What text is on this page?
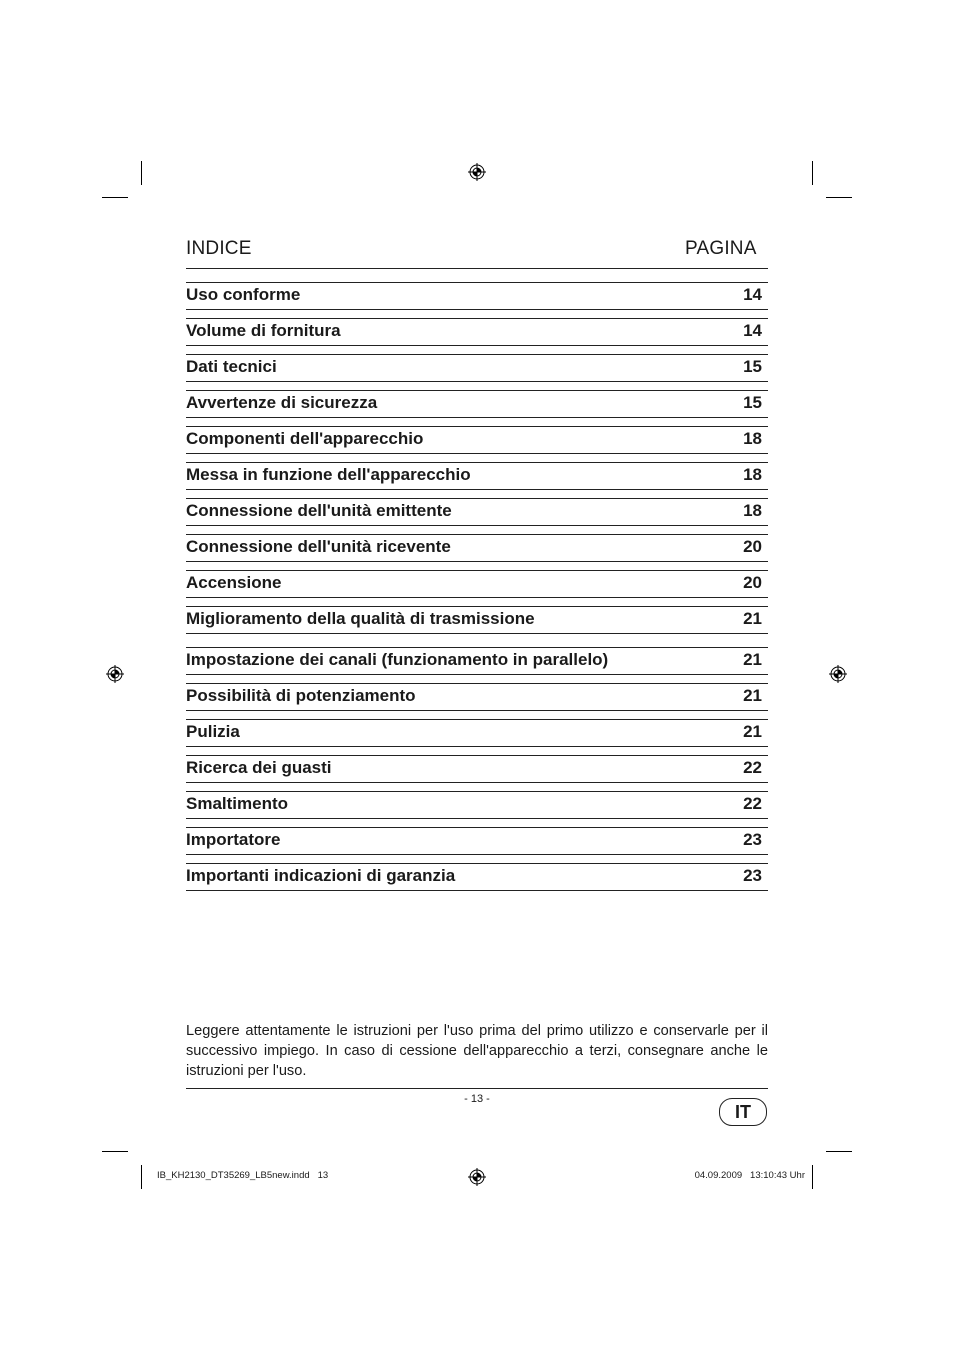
INDICE	PAGINA
Uso conforme	14
Volume di fornitura	14
Dati tecnici	15
Avvertenze di sicurezza	15
Componenti dell'apparecchio	18
Messa in funzione dell'apparecchio	18
Connessione dell'unità emittente	18
Connessione dell'unità ricevente	20
Accensione	20
Miglioramento della qualità di trasmissione	21
Impostazione dei canali (funzionamento in parallelo)	21
Possibilità di potenziamento	21
Pulizia	21
Ricerca dei guasti	22
Smaltimento	22
Importatore	23
Importanti indicazioni di garanzia	23
Leggere attentamente le istruzioni per l'uso prima del primo utilizzo e conservarle per il successivo impiego. In caso di cessione dell'apparecchio a terzi, consegnare anche le istruzioni per l'uso.
- 13 -
IT
IB_KH2130_DT35269_LB5new.indd   13	04.09.2009   13:10:43 Uhr
